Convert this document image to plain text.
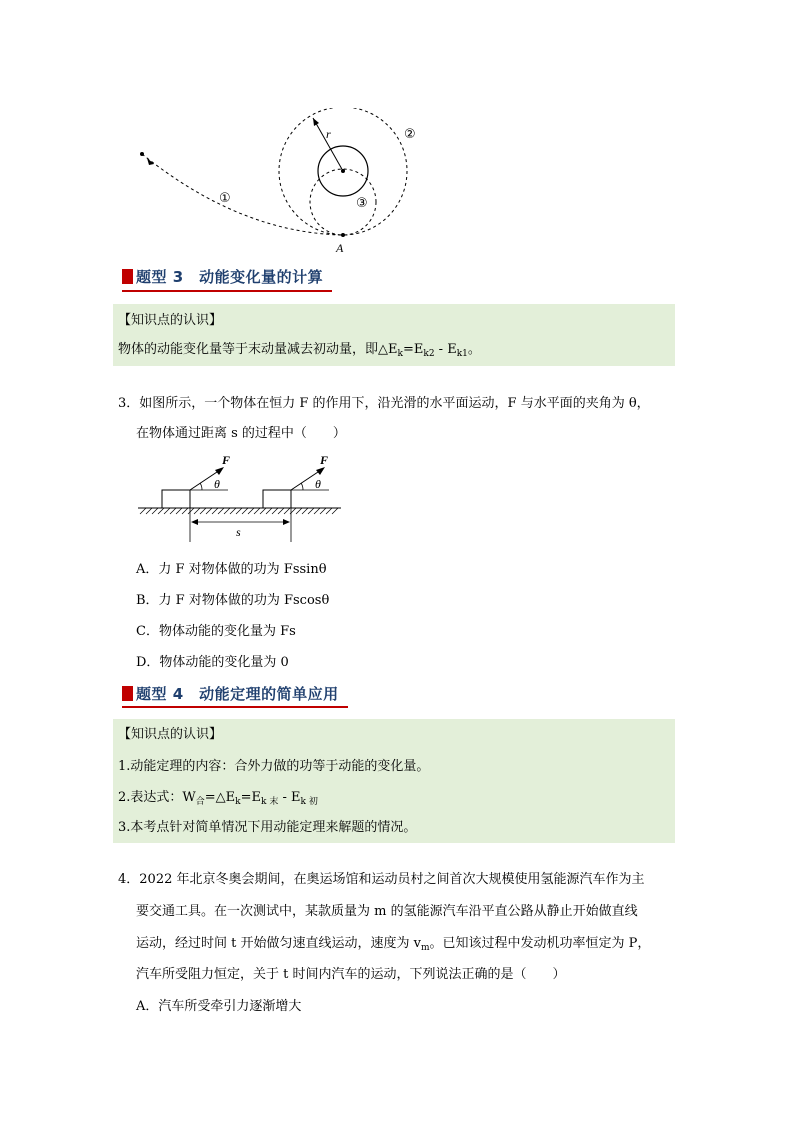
r
①
②
③
A
题型 3　动能变化量的计算
【知识点的认识】
物体的动能变化量等于末动量减去初动量，即$\triangle E_k=E_{k2} - E_{k1}$。
3．如图所示，一个物体在恒力 F 的作用下，沿光滑的水平面运动，F 与水平面的夹角为 θ，
在物体通过距离 s 的过程中（　　）
F	F
θ	θ
s
A．力 F 对物体做的功为 Fssinθ
B．力 F 对物体做的功为 Fscosθ
C．物体动能的变化量为 Fs
D．物体动能的变化量为 0
题型 4　动能定理的简单应用
【知识点的认识】
1.动能定理的内容：合外力做的功等于动能的变化量。
2.表达式：$W_合=\triangle E_k=E_{k 末} - E_{k 初}$
3.本考点针对简单情况下用动能定理来解题的情况。
4．2022 年北京冬奥会期间，在奥运场馆和运动员村之间首次大规模使用氢能源汽车作为主
要交通工具。在一次测试中，某款质量为 m 的氢能源汽车沿平直公路从静止开始做直线
运动，经过时间 t 开始做匀速直线运动，速度为 $v_m$。已知该过程中发动机功率恒定为 P，
汽车所受阻力恒定，关于 t 时间内汽车的运动，下列说法正确的是（　　）
A．汽车所受牵引力逐渐增大
